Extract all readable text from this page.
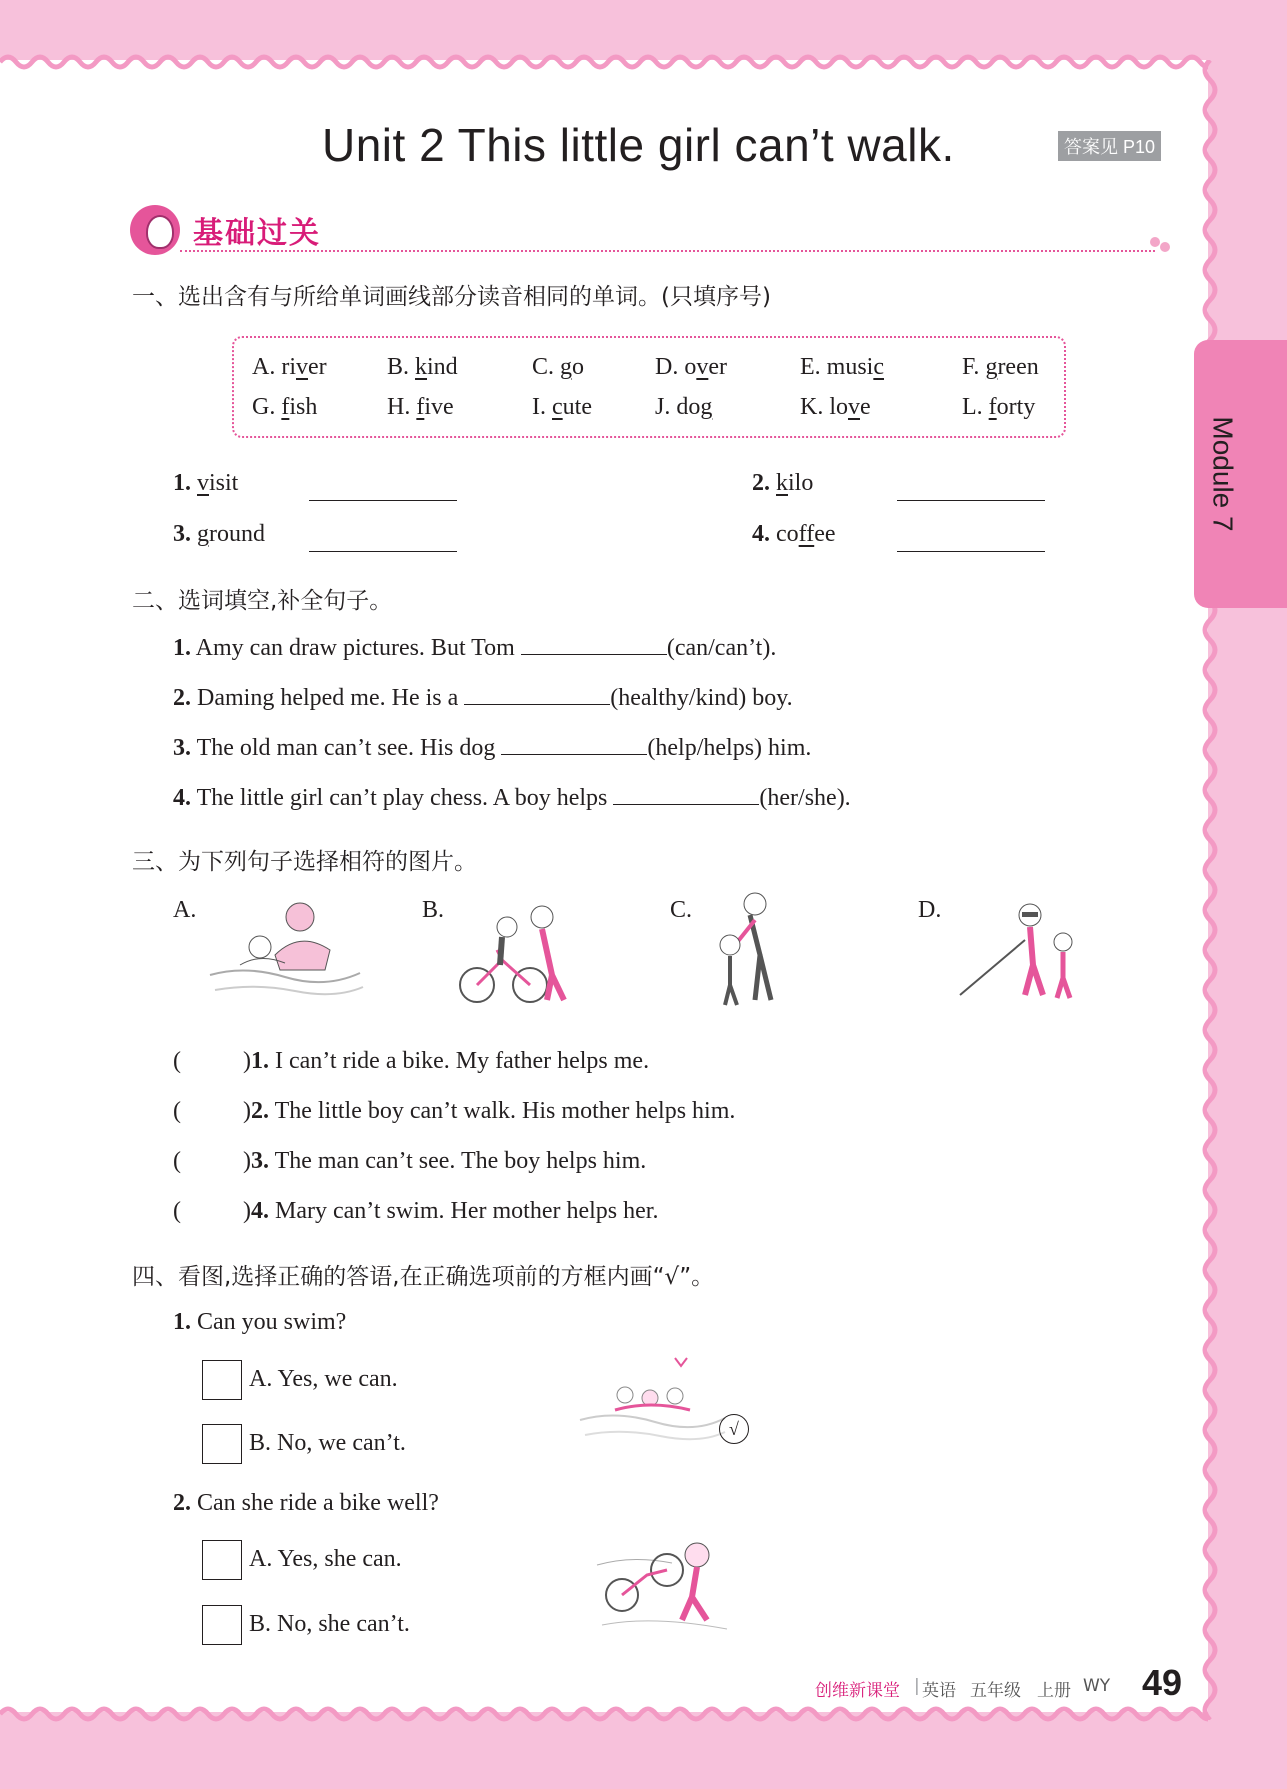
Unit 2 This little girl can’t walk.	答案见 P10
基础过关
Module 7
一、选出含有与所给单词画线部分读音相同的单词。(只填序号)
A. river	B. kind	C. go	D. over	E. music	F. green
G. fish	H. five	I. cute	J. dog	K. love	L. forty
1. visit	2. kilo
3. ground	4. coffee
二、选词填空,补全句子。
1. Amy can draw pictures. But Tom	(can/can’t).
2. Daming helped me. He is a	(healthy/kind) boy.
3. The old man can’t see. His dog	(help/helps) him.
4. The little girl can’t play chess. A boy helps	(her/she).
三、为下列句子选择相符的图片。
A.	B.	C.	D.
(	)1. I can’t ride a bike. My father helps me.
(	)2. The little boy can’t walk. His mother helps him.
(	)3. The man can’t see. The boy helps him.
(	)4. Mary can’t swim. Her mother helps her.
四、看图,选择正确的答语,在正确选项前的方框内画“√”。
1. Can you swim?
A. Yes, we can.
B. No, we can’t.
√
2. Can she ride a bike well?
A. Yes, she can.
B. No, she can’t.
创维新课堂 | 英语 五年级 上册 WY 49
